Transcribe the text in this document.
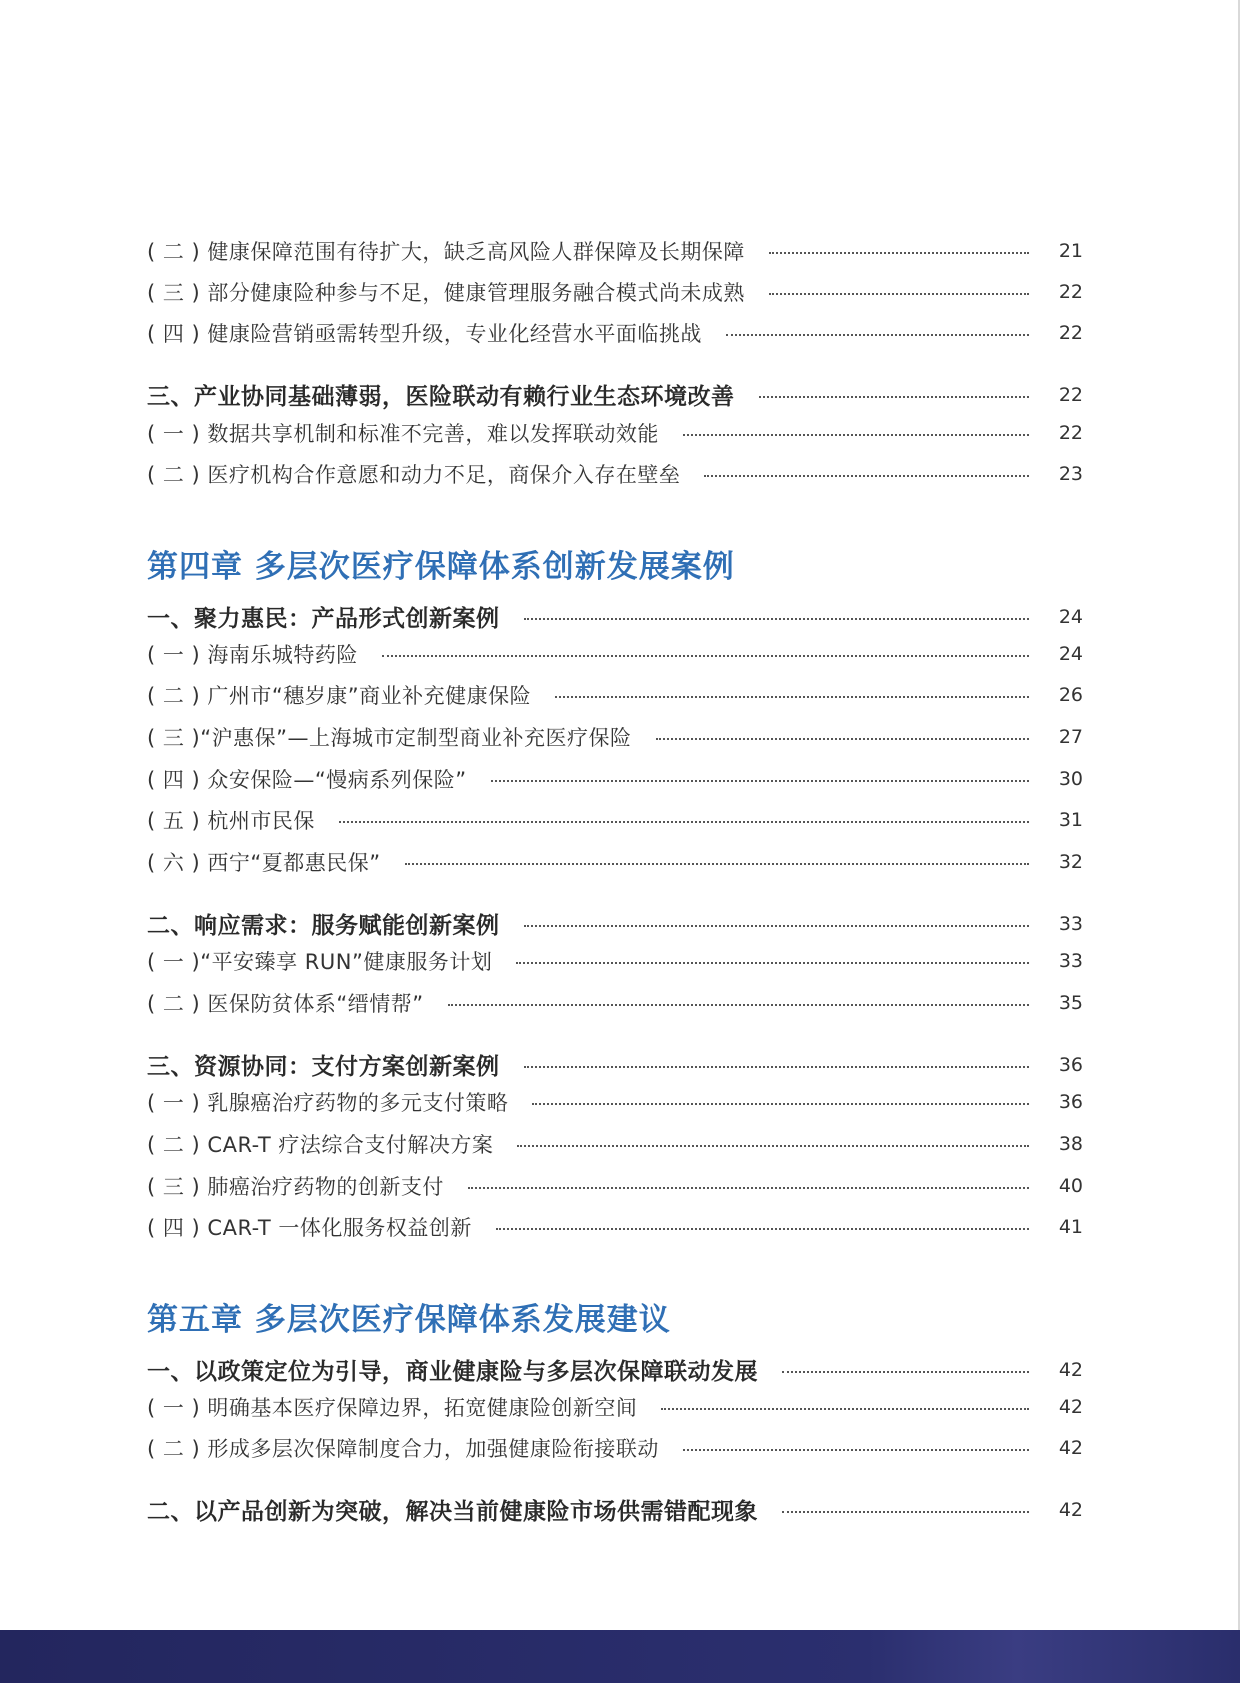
( 二 ) 健康保障范围有待扩大，缺乏高风险人群保障及长期保障	21
( 三 ) 部分健康险种参与不足，健康管理服务融合模式尚未成熟	22
( 四 ) 健康险营销亟需转型升级，专业化经营水平面临挑战	22
三、产业协同基础薄弱，医险联动有赖行业生态环境改善	22
( 一 ) 数据共享机制和标准不完善，难以发挥联动效能	22
( 二 ) 医疗机构合作意愿和动力不足，商保介入存在壁垒	23
第四章 多层次医疗保障体系创新发展案例
一、聚力惠民：产品形式创新案例	24
( 一 ) 海南乐城特药险	24
( 二 ) 广州市“穗岁康”商业补充健康保险	26
( 三 )“沪惠保”—上海城市定制型商业补充医疗保险	27
( 四 ) 众安保险—“慢病系列保险”	30
( 五 ) 杭州市民保	31
( 六 ) 西宁“夏都惠民保”	32
二、响应需求：服务赋能创新案例	33
( 一 )“平安臻享 RUN”健康服务计划	33
( 二 ) 医保防贫体系“缙情帮”	35
三、资源协同：支付方案创新案例	36
( 一 ) 乳腺癌治疗药物的多元支付策略	36
( 二 ) CAR-T 疗法综合支付解决方案	38
( 三 ) 肺癌治疗药物的创新支付	40
( 四 ) CAR-T 一体化服务权益创新	41
第五章 多层次医疗保障体系发展建议
一、以政策定位为引导，商业健康险与多层次保障联动发展	42
( 一 ) 明确基本医疗保障边界，拓宽健康险创新空间	42
( 二 ) 形成多层次保障制度合力，加强健康险衔接联动	42
二、以产品创新为突破，解决当前健康险市场供需错配现象	42
